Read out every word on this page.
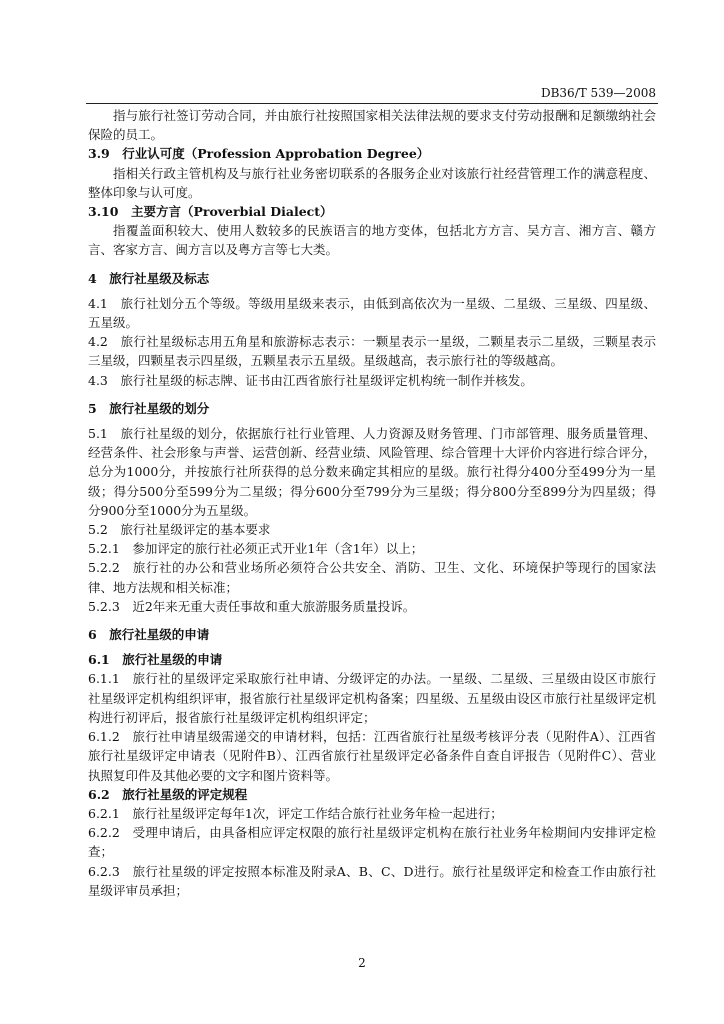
DB36/T 539—2008

指与旅行社签订劳动合同，并由旅行社按照国家相关法律法规的要求支付劳动报酬和足额缴纳社会保险的员工。

3.9 行业认可度（Profession Approbation Degree）

指相关行政主管机构及与旅行社业务密切联系的各服务企业对该旅行社经营管理工作的满意程度、整体印象与认可度。

3.10 主要方言（Proverbial Dialect）

指覆盖面积较大、使用人数较多的民族语言的地方变体，包括北方方言、吴方言、湘方言、赣方言、客家方言、闽方言以及粤方言等七大类。

4 旅行社星级及标志

4.1 旅行社划分五个等级。等级用星级来表示，由低到高依次为一星级、二星级、三星级、四星级、五星级。

4.2 旅行社星级标志用五角星和旅游标志表示：一颗星表示一星级，二颗星表示二星级，三颗星表示三星级，四颗星表示四星级，五颗星表示五星级。星级越高，表示旅行社的等级越高。

4.3 旅行社星级的标志牌、证书由江西省旅行社星级评定机构统一制作并核发。

5 旅行社星级的划分

5.1 旅行社星级的划分，依据旅行社行业管理、人力资源及财务管理、门市部管理、服务质量管理、经营条件、社会形象与声誉、运营创新、经营业绩、风险管理、综合管理十大评价内容进行综合评分，总分为1000分，并按旅行社所获得的总分数来确定其相应的星级。旅行社得分400分至499分为一星级；得分500分至599分为二星级；得分600分至799分为三星级；得分800分至899分为四星级；得分900分至1000分为五星级。

5.2 旅行社星级评定的基本要求

5.2.1 参加评定的旅行社必须正式开业1年（含1年）以上；

5.2.2 旅行社的办公和营业场所必须符合公共安全、消防、卫生、文化、环境保护等现行的国家法律、地方法规和相关标准；

5.2.3 近2年来无重大责任事故和重大旅游服务质量投诉。

6 旅行社星级的申请

6.1 旅行社星级的申请

6.1.1 旅行社的星级评定采取旅行社申请、分级评定的办法。一星级、二星级、三星级由设区市旅行社星级评定机构组织评审，报省旅行社星级评定机构备案；四星级、五星级由设区市旅行社星级评定机构进行初评后，报省旅行社星级评定机构组织评定；

6.1.2 旅行社申请星级需递交的申请材料，包括：江西省旅行社星级考核评分表（见附件A）、江西省旅行社星级评定申请表（见附件B）、江西省旅行社星级评定必备条件自查自评报告（见附件C）、营业执照复印件及其他必要的文字和图片资料等。

6.2 旅行社星级的评定规程

6.2.1 旅行社星级评定每年1次，评定工作结合旅行社业务年检一起进行；

6.2.2 受理申请后，由具备相应评定权限的旅行社星级评定机构在旅行社业务年检期间内安排评定检查；

6.2.3 旅行社星级的评定按照本标准及附录A、B、C、D进行。旅行社星级评定和检查工作由旅行社星级评审员承担；

2
